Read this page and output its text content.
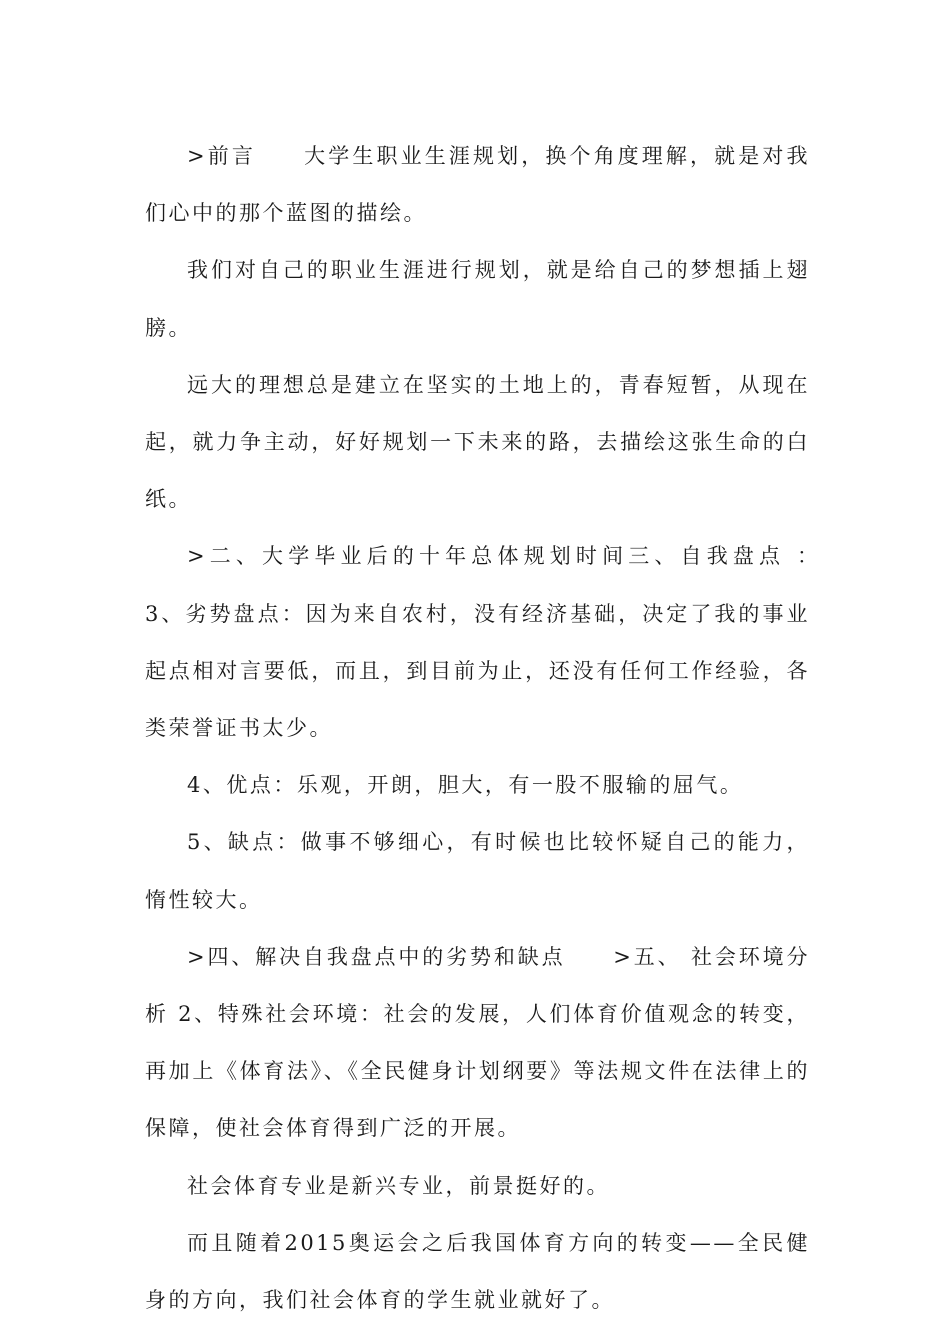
>前言　　大学生职业生涯规划，换个角度理解，就是对我们心中的那个蓝图的描绘。

我们对自己的职业生涯进行规划，就是给自己的梦想插上翅膀。

远大的理想总是建立在坚实的土地上的，青春短暂，从现在起，就力争主动，好好规划一下未来的路，去描绘这张生命的白纸。

>二、大学毕业后的十年总体规划时间三、自我盘点 ：　　 3、劣势盘点：因为来自农村，没有经济基础，决定了我的事业起点相对言要低，而且，到目前为止，还没有任何工作经验，各类荣誉证书太少。

4、优点：乐观，开朗，胆大，有一股不服输的屈气。

5、缺点：做事不够细心，有时候也比较怀疑自己的能力， 惰性较大。

>四、解决自我盘点中的劣势和缺点　　>五、 社会环境分析 2、特殊社会环境：社会的发展，人们体育价值观念的转变，再加上《体育法》、《全民健身计划纲要》等法规文件在法律上的保障，使社会体育得到广泛的开展。

社会体育专业是新兴专业，前景挺好的。

而且随着2015奥运会之后我国体育方向的转变——全民健身的方向，我们社会体育的学生就业就好了。
